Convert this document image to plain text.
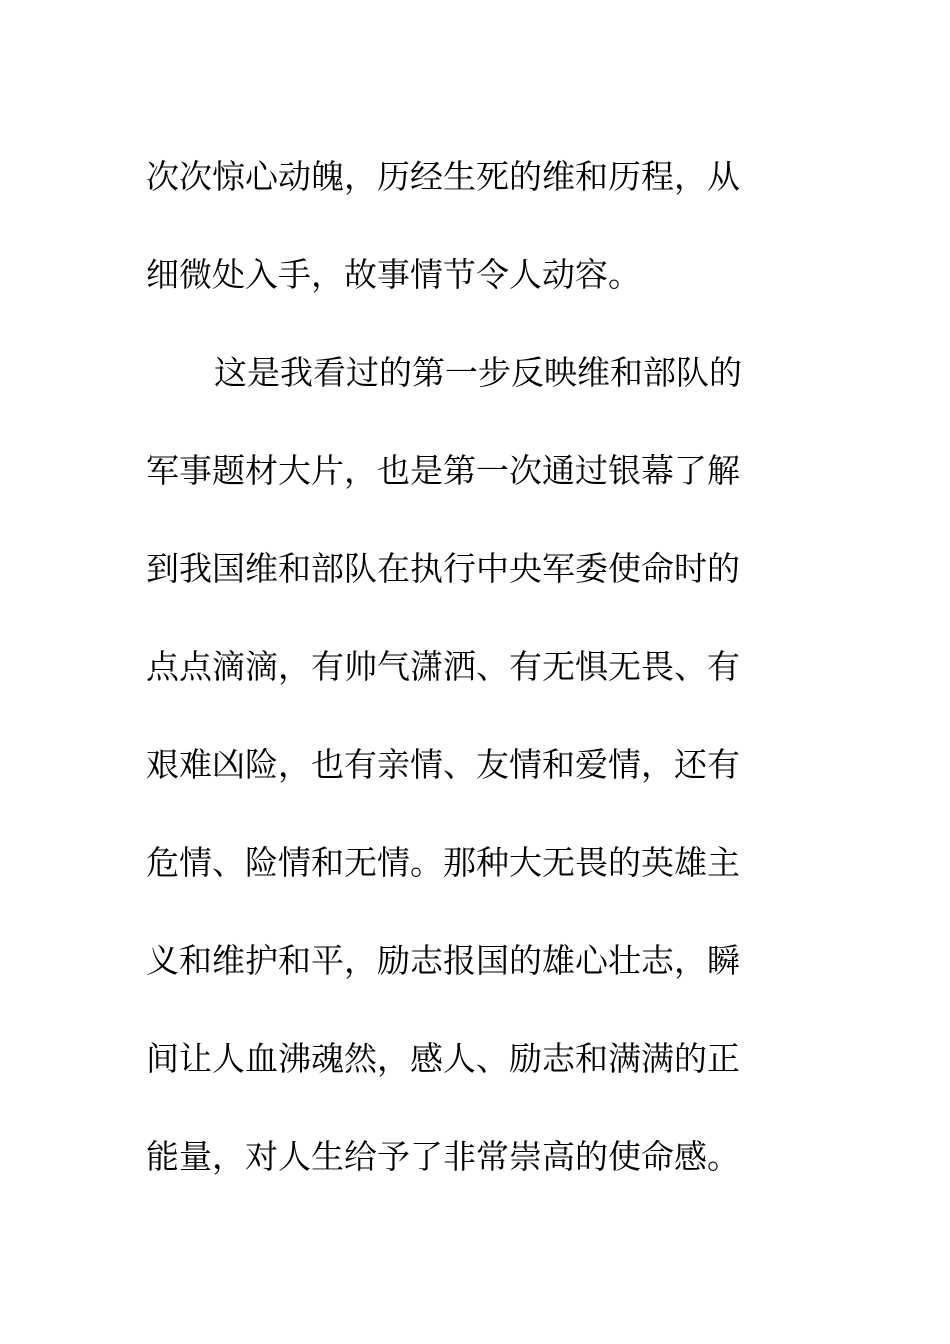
次次惊心动魄，历经生死的维和历程，从
细微处入手，故事情节令人动容。
这是我看过的第一步反映维和部队的
军事题材大片，也是第一次通过银幕了解
到我国维和部队在执行中央军委使命时的
点点滴滴，有帅气潇洒、有无惧无畏、有
艰难凶险，也有亲情、友情和爱情，还有
危情、险情和无情。那种大无畏的英雄主
义和维护和平，励志报国的雄心壮志，瞬
间让人血沸魂然，感人、励志和满满的正
能量，对人生给予了非常崇高的使命感。
